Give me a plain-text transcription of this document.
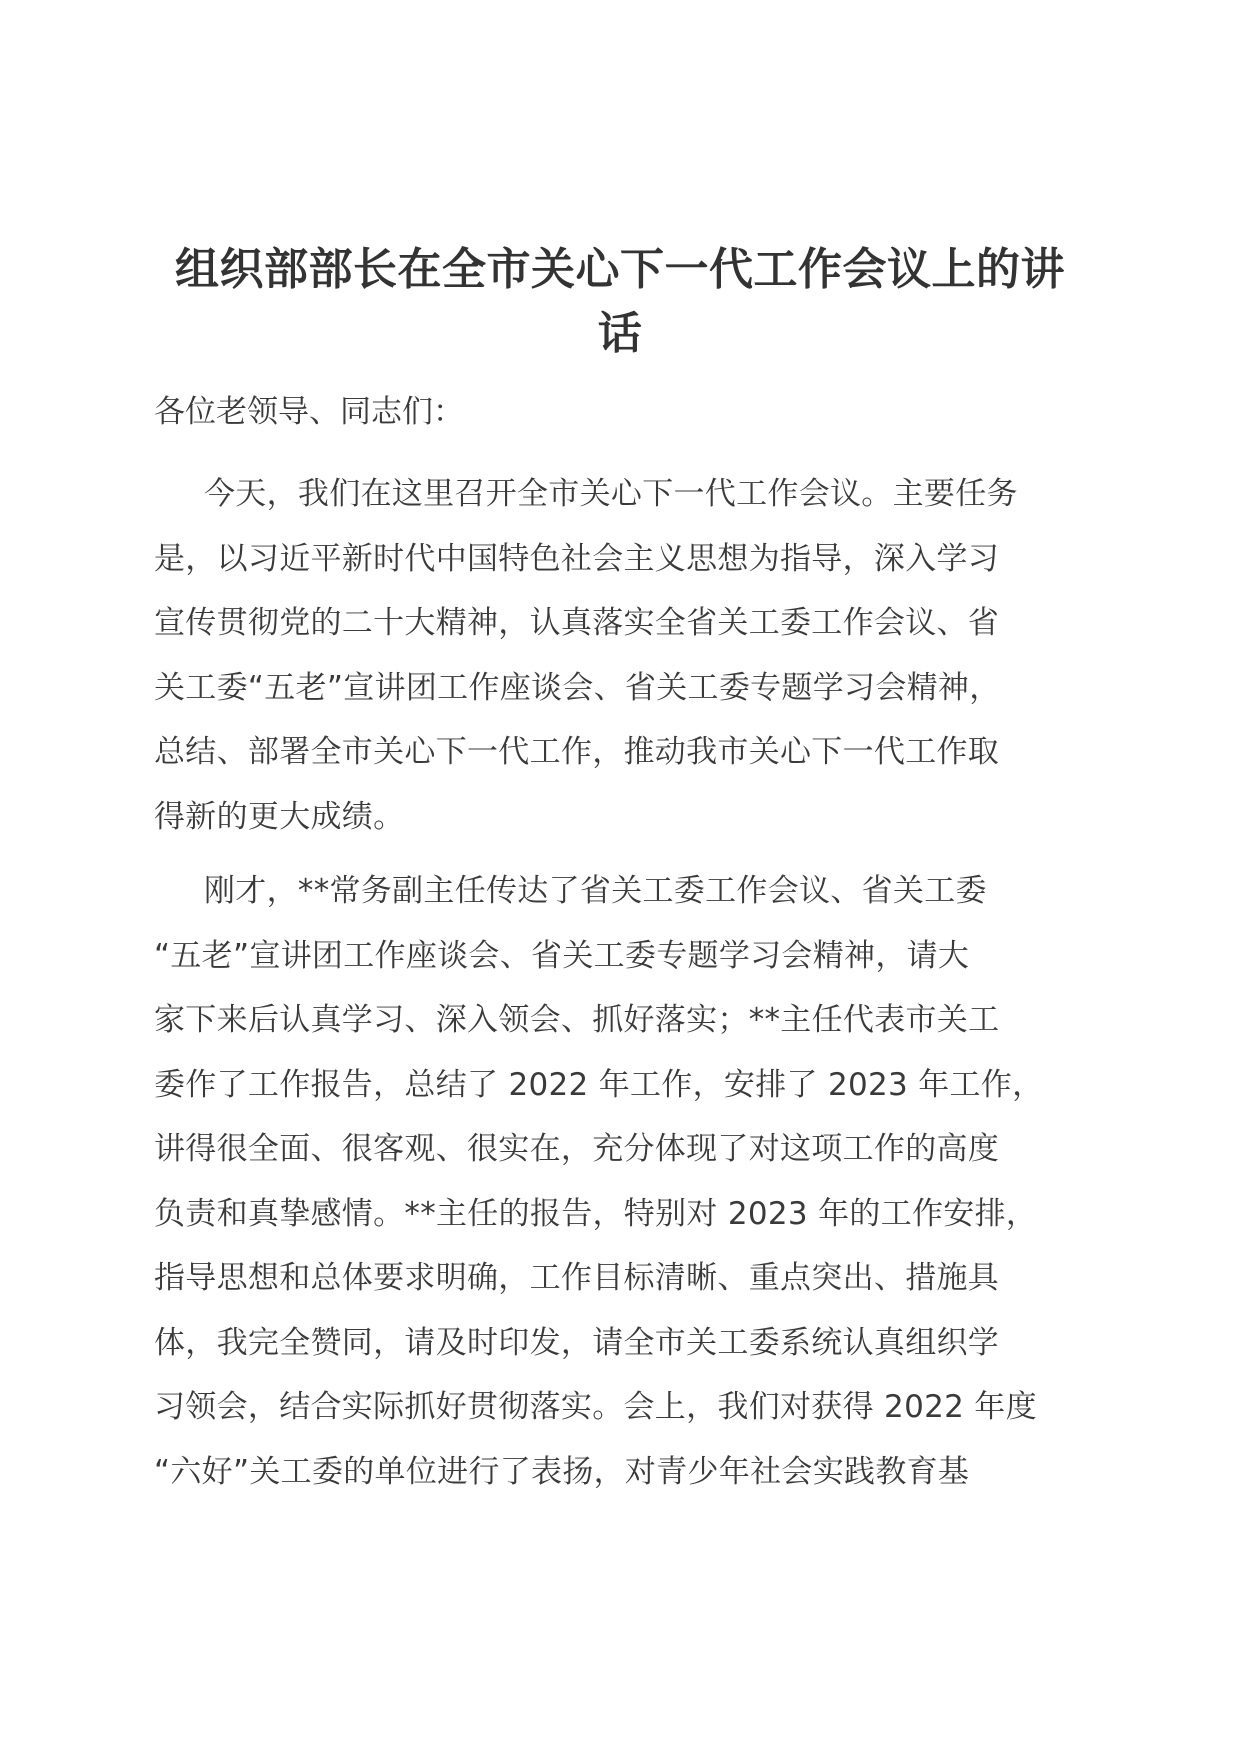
组织部部长在全市关心下一代工作会议上的讲
话

各位老领导、同志们：

今天，我们在这里召开全市关心下一代工作会议。主要任务
是，以习近平新时代中国特色社会主义思想为指导，深入学习
宣传贯彻党的二十大精神，认真落实全省关工委工作会议、省
关工委“五老”宣讲团工作座谈会、省关工委专题学习会精神，
总结、部署全市关心下一代工作，推动我市关心下一代工作取
得新的更大成绩。
刚才，**常务副主任传达了省关工委工作会议、省关工委
“五老”宣讲团工作座谈会、省关工委专题学习会精神，请大
家下来后认真学习、深入领会、抓好落实；**主任代表市关工
委作了工作报告，总结了 2022 年工作，安排了 2023 年工作，
讲得很全面、很客观、很实在，充分体现了对这项工作的高度
负责和真挚感情。**主任的报告，特别对 2023 年的工作安排，
指导思想和总体要求明确，工作目标清晰、重点突出、措施具
体，我完全赞同，请及时印发，请全市关工委系统认真组织学
习领会，结合实际抓好贯彻落实。会上，我们对获得 2022 年度
“六好”关工委的单位进行了表扬，对青少年社会实践教育基
